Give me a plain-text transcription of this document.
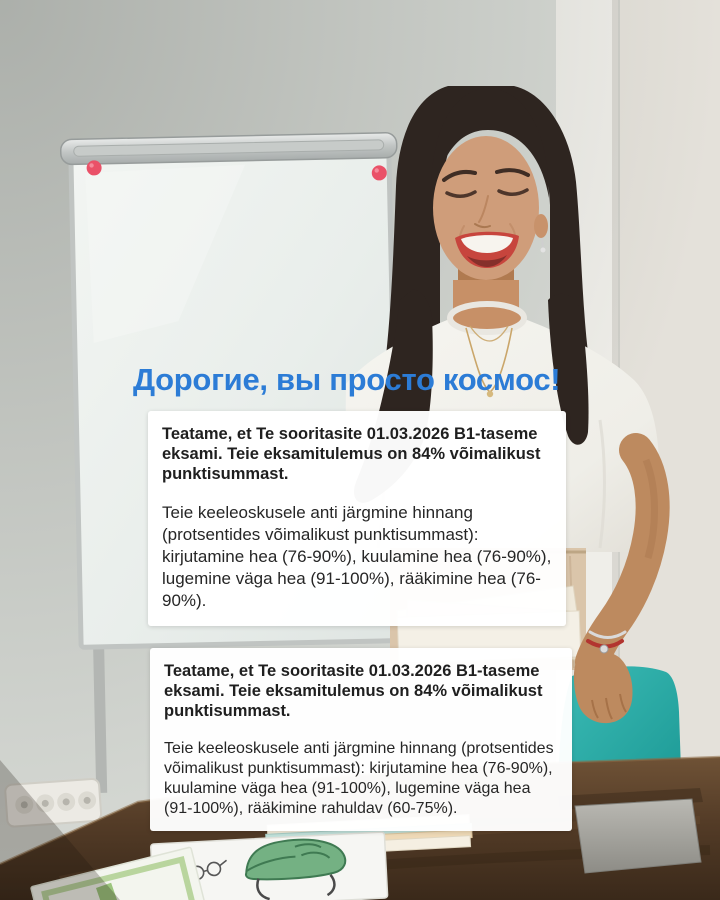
Дорогие, вы просто космос!

Teatame, et Te sooritasite 01.03.2026 B1-taseme eksami. Teie eksamitulemus on 84% võimalikust punktisummast.

Teie keeleoskusele anti järgmine hinnang (protsentides võimalikust punktisummast): kirjutamine hea (76-90%), kuulamine hea (76-90%), lugemine väga hea (91-100%), rääkimine hea (76-90%).

Teatame, et Te sooritasite 01.03.2026 B1-taseme eksami. Teie eksamitulemus on 84% võimalikust punktisummast.

Teie keeleoskusele anti järgmine hinnang (protsentides võimalikust punktisummast): kirjutamine hea (76-90%), kuulamine väga hea (91-100%), lugemine väga hea (91-100%), rääkimine rahuldav (60-75%).
